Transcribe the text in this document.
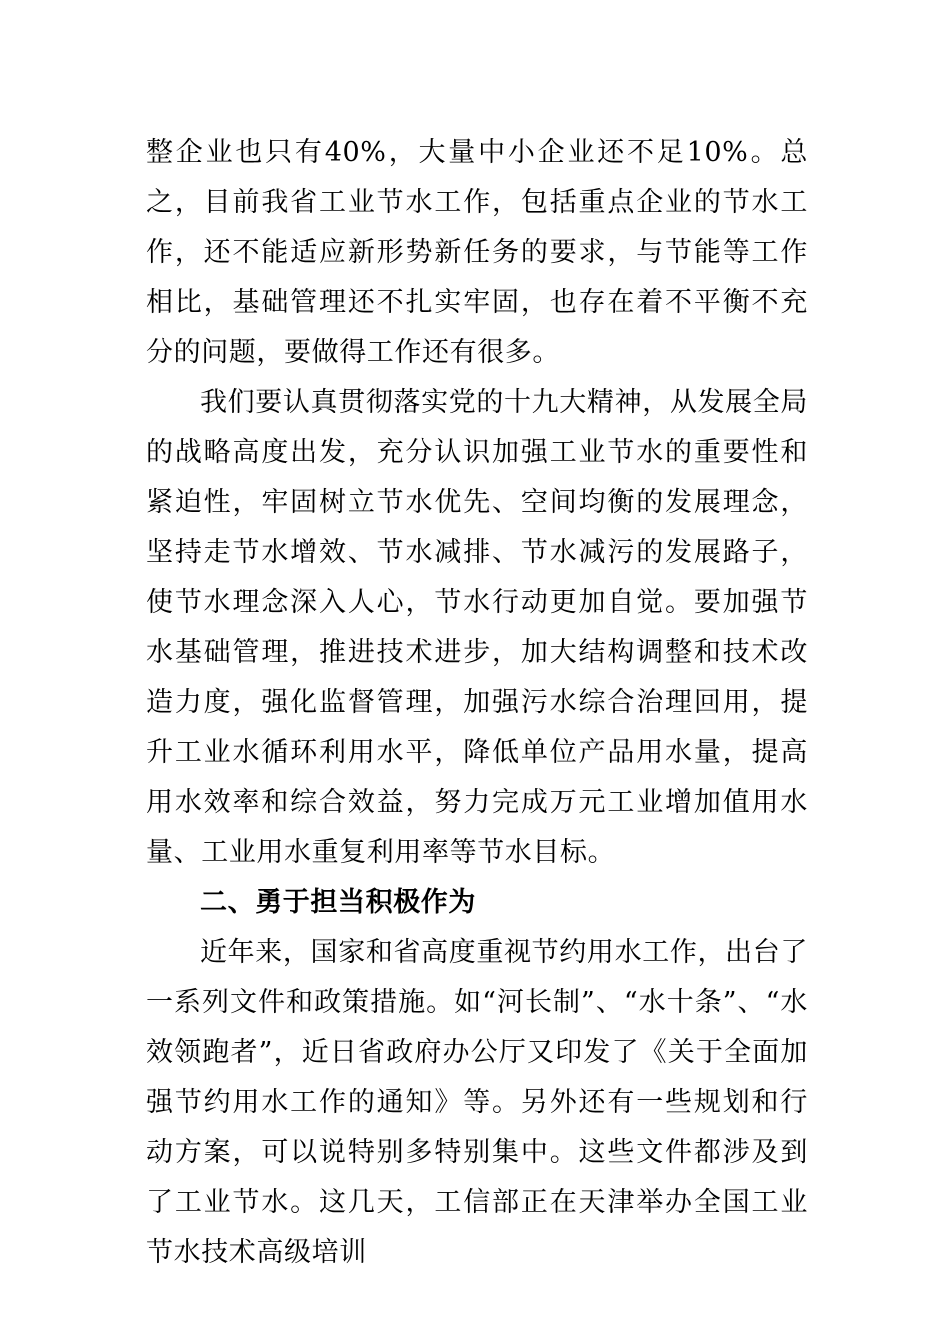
整企业也只有40%，大量中小企业还不足10%。总之，目前我省工业节水工作，包括重点企业的节水工作，还不能适应新形势新任务的要求，与节能等工作相比，基础管理还不扎实牢固，也存在着不平衡不充分的问题，要做得工作还有很多。

我们要认真贯彻落实党的十九大精神，从发展全局的战略高度出发，充分认识加强工业节水的重要性和紧迫性，牢固树立节水优先、空间均衡的发展理念，坚持走节水增效、节水减排、节水减污的发展路子，使节水理念深入人心，节水行动更加自觉。要加强节水基础管理，推进技术进步，加大结构调整和技术改造力度，强化监督管理，加强污水综合治理回用，提升工业水循环利用水平，降低单位产品用水量，提高用水效率和综合效益，努力完成万元工业增加值用水量、工业用水重复利用率等节水目标。

二、勇于担当积极作为

近年来，国家和省高度重视节约用水工作，出台了一系列文件和政策措施。如“河长制”、“水十条”、“水效领跑者”，近日省政府办公厅又印发了《关于全面加强节约用水工作的通知》等。另外还有一些规划和行动方案，可以说特别多特别集中。这些文件都涉及到了工业节水。这几天，工信部正在天津举办全国工业节水技术高级培训
